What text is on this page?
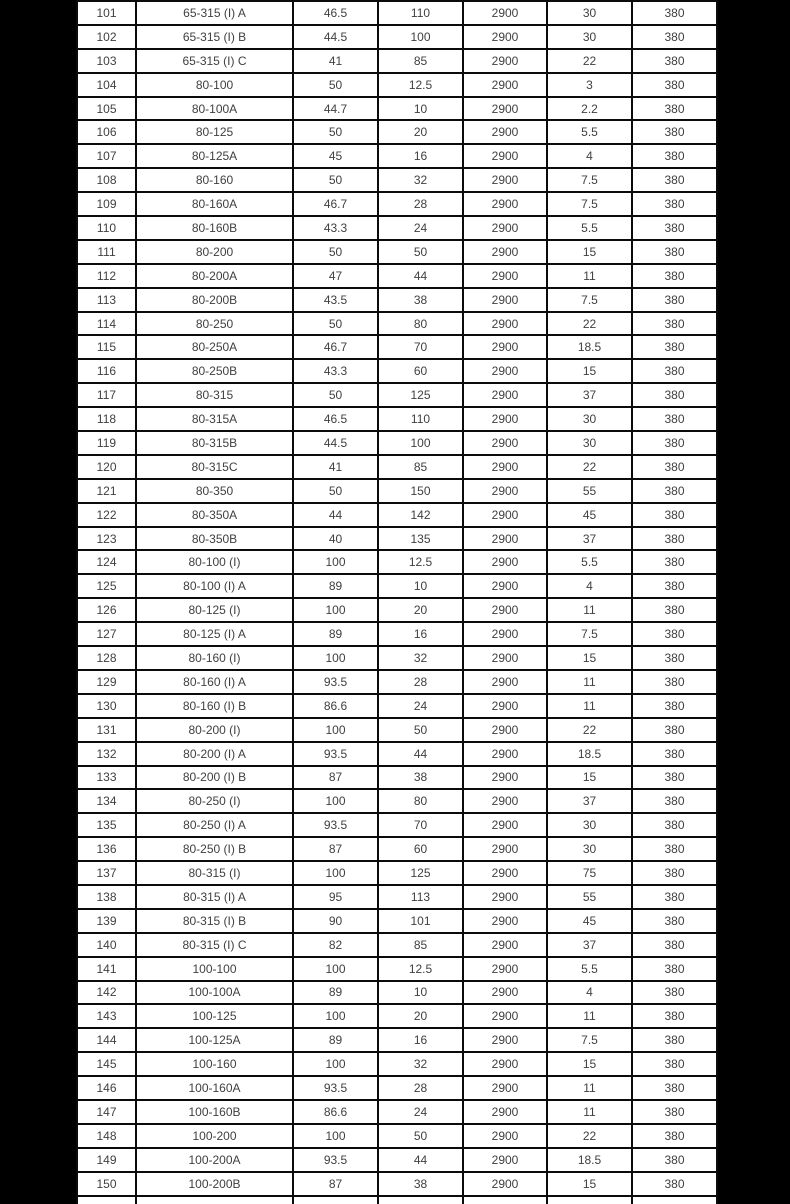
101	65-315 (I) A	46.5	110	2900	30	380
102	65-315 (I) B	44.5	100	2900	30	380
103	65-315 (I) C	41	85	2900	22	380
104	80-100	50	12.5	2900	3	380
105	80-100A	44.7	10	2900	2.2	380
106	80-125	50	20	2900	5.5	380
107	80-125A	45	16	2900	4	380
108	80-160	50	32	2900	7.5	380
109	80-160A	46.7	28	2900	7.5	380
110	80-160B	43.3	24	2900	5.5	380
111	80-200	50	50	2900	15	380
112	80-200A	47	44	2900	11	380
113	80-200B	43.5	38	2900	7.5	380
114	80-250	50	80	2900	22	380
115	80-250A	46.7	70	2900	18.5	380
116	80-250B	43.3	60	2900	15	380
117	80-315	50	125	2900	37	380
118	80-315A	46.5	110	2900	30	380
119	80-315B	44.5	100	2900	30	380
120	80-315C	41	85	2900	22	380
121	80-350	50	150	2900	55	380
122	80-350A	44	142	2900	45	380
123	80-350B	40	135	2900	37	380
124	80-100 (I)	100	12.5	2900	5.5	380
125	80-100 (I) A	89	10	2900	4	380
126	80-125 (I)	100	20	2900	11	380
127	80-125 (I) A	89	16	2900	7.5	380
128	80-160 (I)	100	32	2900	15	380
129	80-160 (I) A	93.5	28	2900	11	380
130	80-160 (I) B	86.6	24	2900	11	380
131	80-200 (I)	100	50	2900	22	380
132	80-200 (I) A	93.5	44	2900	18.5	380
133	80-200 (I) B	87	38	2900	15	380
134	80-250 (I)	100	80	2900	37	380
135	80-250 (I) A	93.5	70	2900	30	380
136	80-250 (I) B	87	60	2900	30	380
137	80-315 (I)	100	125	2900	75	380
138	80-315 (I) A	95	113	2900	55	380
139	80-315 (I) B	90	101	2900	45	380
140	80-315 (I) C	82	85	2900	37	380
141	100-100	100	12.5	2900	5.5	380
142	100-100A	89	10	2900	4	380
143	100-125	100	20	2900	11	380
144	100-125A	89	16	2900	7.5	380
145	100-160	100	32	2900	15	380
146	100-160A	93.5	28	2900	11	380
147	100-160B	86.6	24	2900	11	380
148	100-200	100	50	2900	22	380
149	100-200A	93.5	44	2900	18.5	380
150	100-200B	87	38	2900	15	380
